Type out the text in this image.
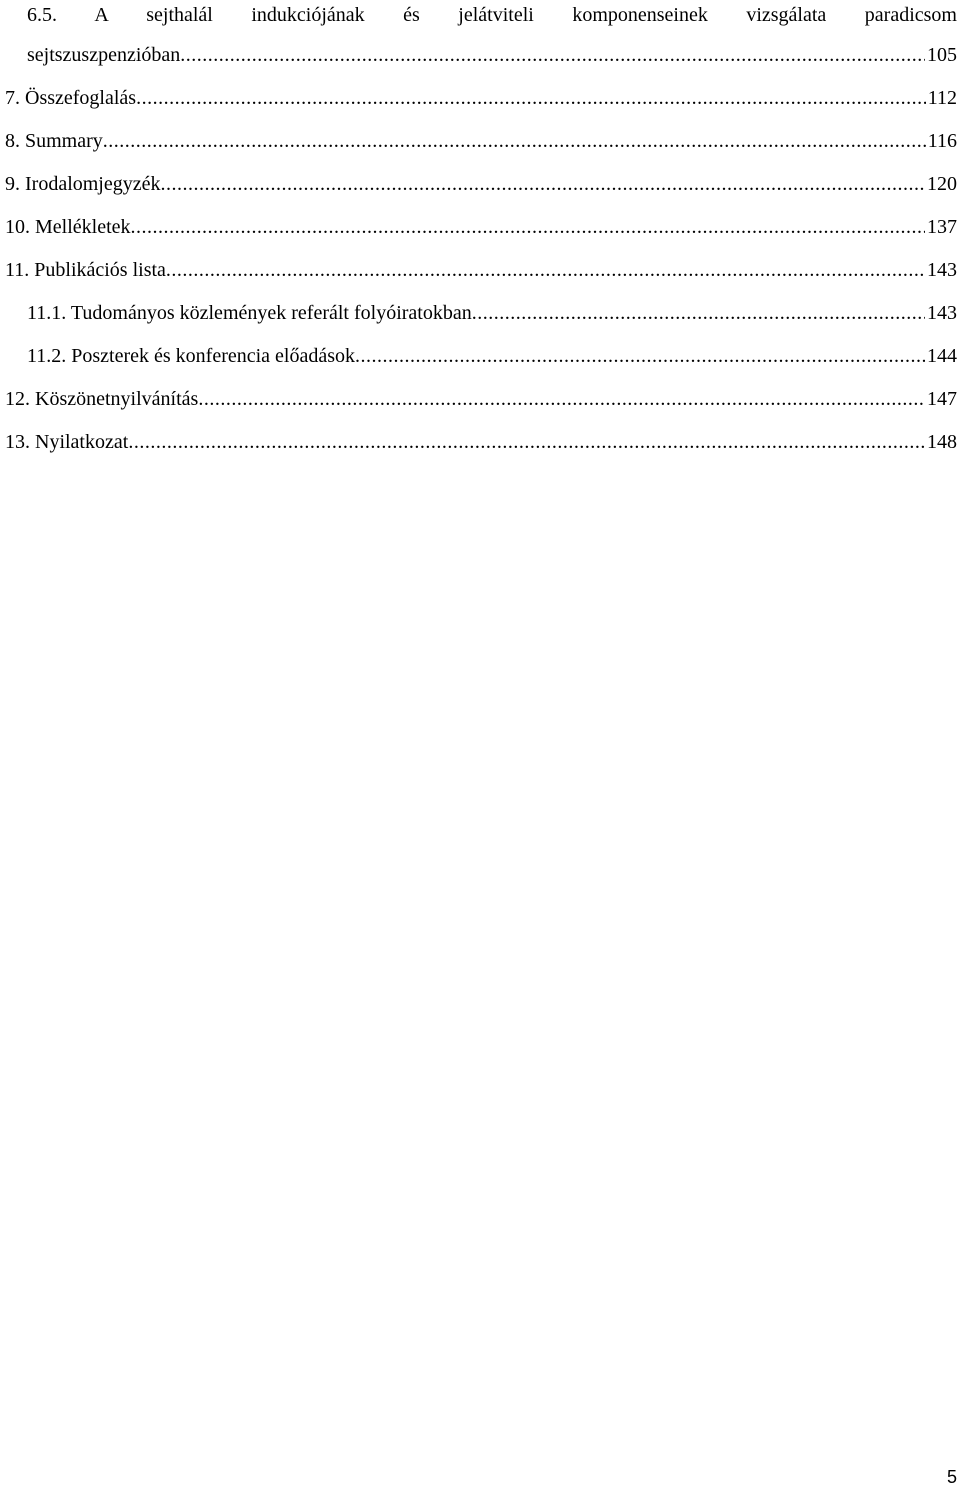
6.5. A sejthalál indukciójának és jelátviteli komponenseinek vizsgálata paradicsom
sejtszuszpenzióban .....	105
7. Összefoglalás .....	112
8. Summary .....	116
9. Irodalomjegyzék .....	120
10. Mellékletek .....	137
11. Publikációs lista .....	143
11.1. Tudományos közlemények referált folyóiratokban .....	143
11.2. Poszterek és konferencia előadások .....	144
12. Köszönetnyilvánítás .....	147
13. Nyilatkozat .....	148
5
